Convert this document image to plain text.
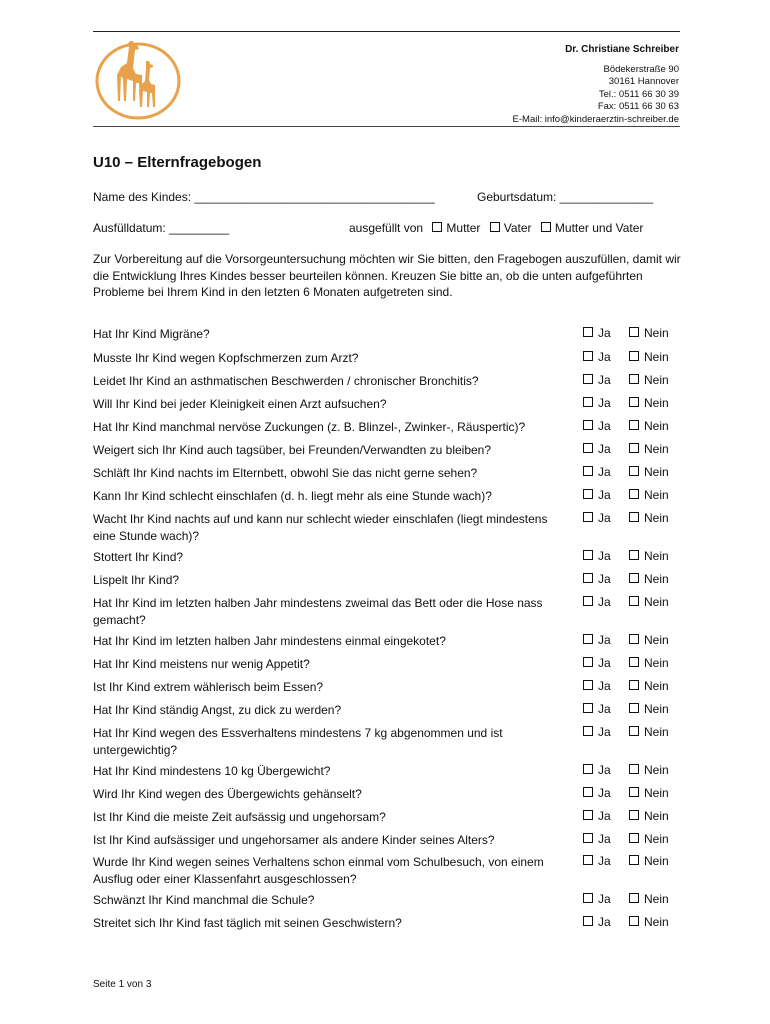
Dr. Christiane Schreiber
Bödekerstraße 90
30161 Hannover
Tel.: 0511 66 30 39
Fax: 0511 66 30 63
E-Mail: info@kinderaerztin-schreiber.de
U10 – Elternfragebogen
Name des Kindes: ____________________________________	Geburtsdatum: ______________
Ausfülldatum: _________	ausgefüllt von Mutter Vater Mutter und Vater
Zur Vorbereitung auf die Vorsorgeuntersuchung möchten wir Sie bitten, den Fragebogen auszufüllen, damit wir die Entwicklung Ihres Kindes besser beurteilen können. Kreuzen Sie bitte an, ob die unten aufgeführten Probleme bei Ihrem Kind in den letzten 6 Monaten aufgetreten sind.
Hat Ihr Kind Migräne?	Ja	Nein
Musste Ihr Kind wegen Kopfschmerzen zum Arzt?	Ja	Nein
Leidet Ihr Kind an asthmatischen Beschwerden / chronischer Bronchitis?	Ja	Nein
Will Ihr Kind bei jeder Kleinigkeit einen Arzt aufsuchen?	Ja	Nein
Hat Ihr Kind manchmal nervöse Zuckungen (z. B. Blinzel-, Zwinker-, Räuspertic)?	Ja	Nein
Weigert sich Ihr Kind auch tagsüber, bei Freunden/Verwandten zu bleiben?	Ja	Nein
Schläft Ihr Kind nachts im Elternbett, obwohl Sie das nicht gerne sehen?	Ja	Nein
Kann Ihr Kind schlecht einschlafen (d. h. liegt mehr als eine Stunde wach)?	Ja	Nein
Wacht Ihr Kind nachts auf und kann nur schlecht wieder einschlafen (liegt mindestens eine Stunde wach)?
Ja	Nein
Stottert Ihr Kind?	Ja	Nein
Lispelt Ihr Kind?	Ja	Nein
Hat Ihr Kind im letzten halben Jahr mindestens zweimal das Bett oder die Hose nass gemacht?
Ja	Nein
Hat Ihr Kind im letzten halben Jahr mindestens einmal eingekotet?	Ja	Nein
Hat Ihr Kind meistens nur wenig Appetit?	Ja	Nein
Ist Ihr Kind extrem wählerisch beim Essen?	Ja	Nein
Hat Ihr Kind ständig Angst, zu dick zu werden?	Ja	Nein
Hat Ihr Kind wegen des Essverhaltens mindestens 7 kg abgenommen und ist untergewichtig?
Ja	Nein
Hat Ihr Kind mindestens 10 kg Übergewicht?	Ja	Nein
Wird Ihr Kind wegen des Übergewichts gehänselt?	Ja	Nein
Ist Ihr Kind die meiste Zeit aufsässig und ungehorsam?	Ja	Nein
Ist Ihr Kind aufsässiger und ungehorsamer als andere Kinder seines Alters?	Ja	Nein
Wurde Ihr Kind wegen seines Verhaltens schon einmal vom Schulbesuch, von einem Ausflug oder einer Klassenfahrt ausgeschlossen?
Ja	Nein
Schwänzt Ihr Kind manchmal die Schule?	Ja	Nein
Streitet sich Ihr Kind fast täglich mit seinen Geschwistern?	Ja	Nein
Seite 1 von 3
